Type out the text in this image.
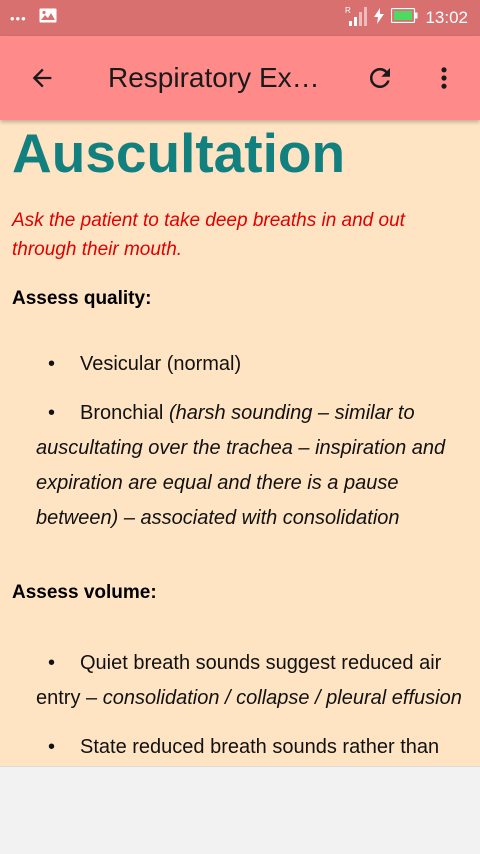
•••
R	13:02
Respiratory Ex…
Auscultation

Ask the patient to take deep breaths in and out through their mouth.

Assess quality:
• Vesicular (normal)
• Bronchial (harsh sounding – similar to auscultating over the trachea – inspiration and expiration are equal and there is a pause between) – associated with consolidation
Assess volume:
• Quiet breath sounds suggest reduced air entry – consolidation / collapse / pleural effusion
• State reduced breath sounds rather than
